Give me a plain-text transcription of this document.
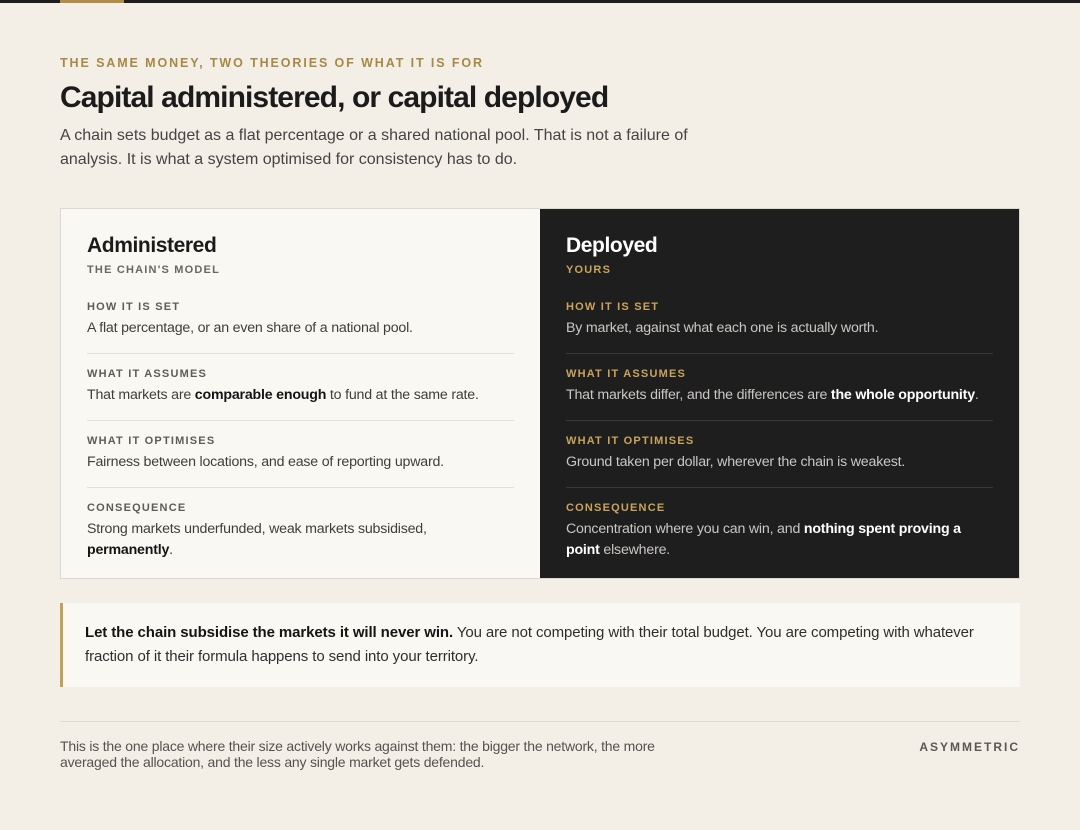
THE SAME MONEY, TWO THEORIES OF WHAT IT IS FOR
Capital administered, or capital deployed

A chain sets budget as a flat percentage or a shared national pool. That is not a failure of analysis. It is what a system optimised for consistency has to do.

Administered
THE CHAIN'S MODEL
HOW IT IS SET
A flat percentage, or an even share of a national pool.
WHAT IT ASSUMES
That markets are comparable enough to fund at the same rate.
WHAT IT OPTIMISES
Fairness between locations, and ease of reporting upward.
CONSEQUENCE
Strong markets underfunded, weak markets subsidised, permanently.
Deployed
YOURS
HOW IT IS SET
By market, against what each one is actually worth.
WHAT IT ASSUMES
That markets differ, and the differences are the whole opportunity.
WHAT IT OPTIMISES
Ground taken per dollar, wherever the chain is weakest.
CONSEQUENCE
Concentration where you can win, and nothing spent proving a point elsewhere.
Let the chain subsidise the markets it will never win. You are not competing with their total budget. You are competing with whatever fraction of it their formula happens to send into your territory.

This is the one place where their size actively works against them: the bigger the network, the more averaged the allocation, and the less any single market gets defended.

ASYMMETRIC
